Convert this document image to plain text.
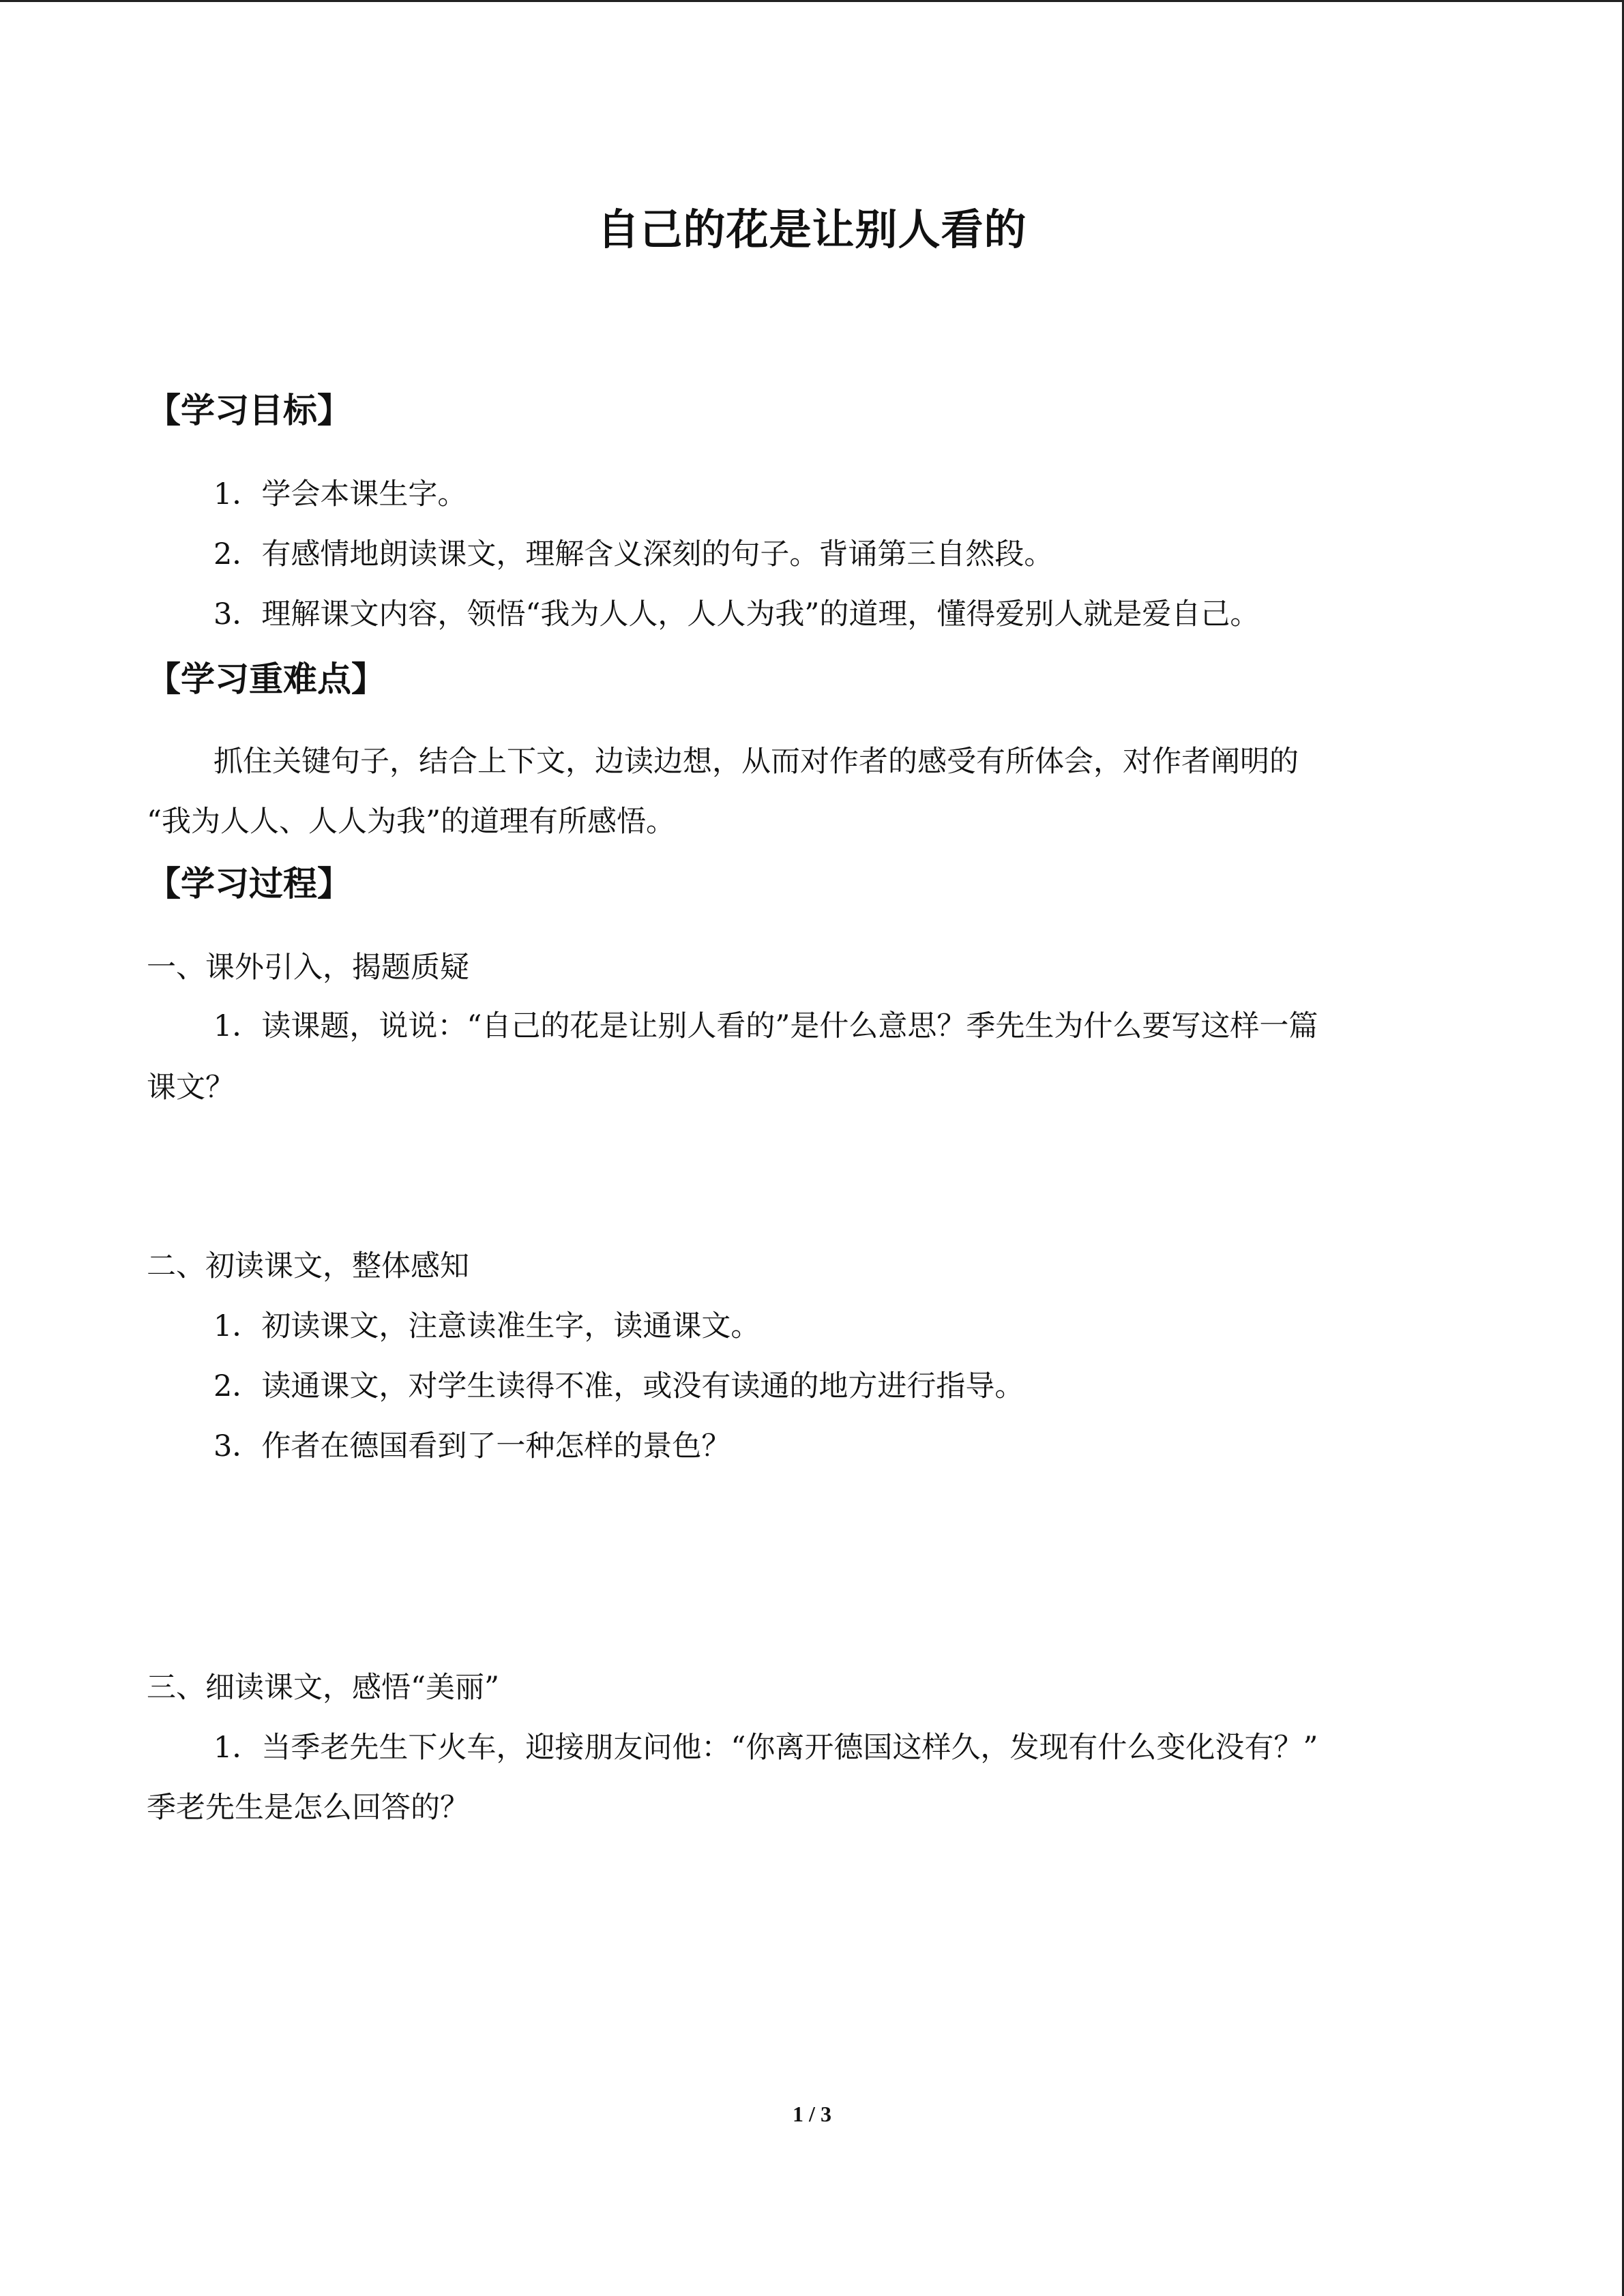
自己的花是让别人看的
【学习目标】
1．学会本课生字。
2．有感情地朗读课文，理解含义深刻的句子。背诵第三自然段。
3．理解课文内容，领悟“我为人人，人人为我”的道理，懂得爱别人就是爱自己。
【学习重难点】
抓住关键句子，结合上下文，边读边想，从而对作者的感受有所体会，对作者阐明的
“我为人人、人人为我”的道理有所感悟。
【学习过程】
一、课外引入，揭题质疑
1．读课题，说说：“自己的花是让别人看的”是什么意思？季先生为什么要写这样一篇
课文？
二、初读课文，整体感知
1．初读课文，注意读准生字，读通课文。
2．读通课文，对学生读得不准，或没有读通的地方进行指导。
3．作者在德国看到了一种怎样的景色？
三、细读课文，感悟“美丽”
1．当季老先生下火车，迎接朋友问他：“你离开德国这样久，发现有什么变化没有？”
季老先生是怎么回答的？
1 / 3
